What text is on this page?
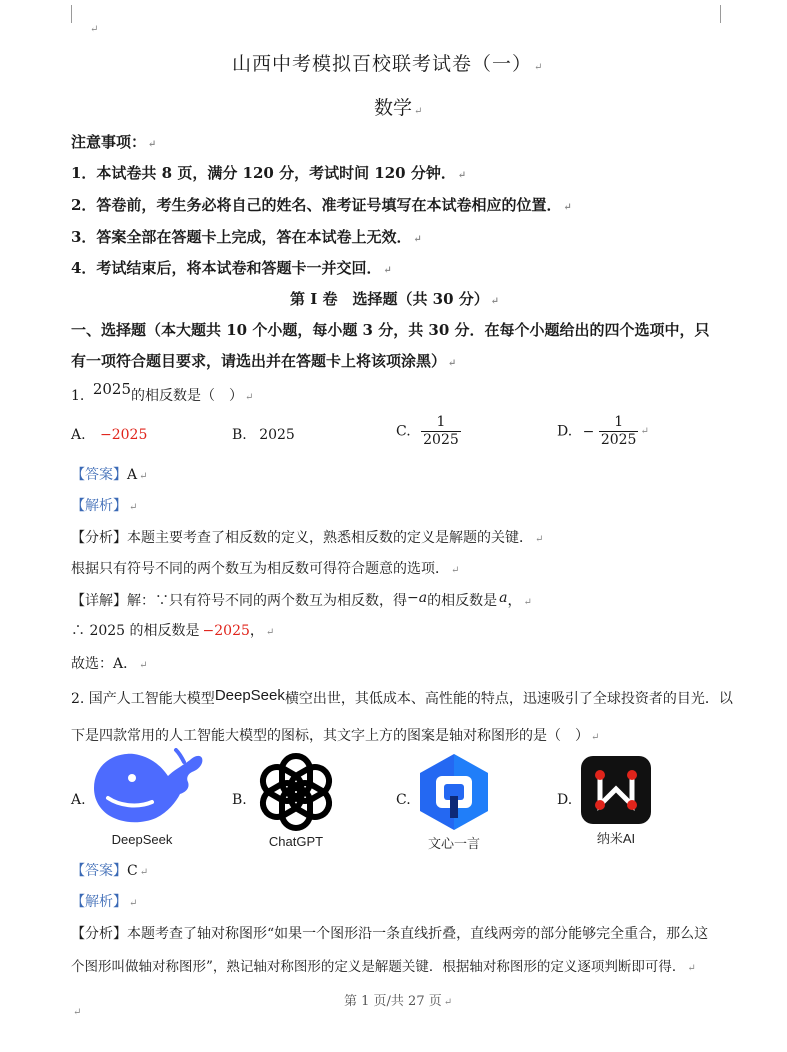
↵
山西中考模拟百校联考试卷（一） ↵
数学 ↵
注意事项： ↵
1．本试卷共 8 页，满分 120 分，考试时间 120 分钟． ↵
2．答卷前，考生务必将自己的姓名、准考证号填写在本试卷相应的位置． ↵
3．答案全部在答题卡上完成，答在本试卷上无效． ↵
4．考试结束后，将本试卷和答题卡一并交回． ↵
第 Ⅰ 卷　选择题（共 30 分） ↵
一、选择题（本大题共 10 个小题，每小题 3 分，共 30 分．在每个小题给出的四个选项中，只
有一项符合题目要求，请选出并在答题卡上将该项涂黑） ↵
1. 2025的相反数是（　） ↵
A. −2025	B. 2025	C. $\frac{1}{2025}$	D. − $\frac{1}{2025}$ ↵
【答案】A ↵
【解析】 ↵
【分析】本题主要考查了相反数的定义，熟悉相反数的定义是解题的关键． ↵
根据只有符号不同的两个数互为相反数可得符合题意的选项． ↵
【详解】解：∵只有符号不同的两个数互为相反数，得−a的相反数是 a， ↵
∴ 2025 的相反数是 −2025， ↵
故选：A． ↵
2. 国产人工智能大模型DeepSeek横空出世，其低成本、高性能的特点，迅速吸引了全球投资者的目光．以
下是四款常用的人工智能大模型的图标，其文字上方的图案是轴对称图形的是（　） ↵
A.
DeepSeek
B.
ChatGPT
C.
文心一言
D.
纳米AI
【答案】C ↵
【解析】 ↵
【分析】本题考查了轴对称图形“如果一个图形沿一条直线折叠，直线两旁的部分能够完全重合，那么这
个图形叫做轴对称图形”，熟记轴对称图形的定义是解题关键．根据轴对称图形的定义逐项判断即可得． ↵
第 1 页/共 27 页 ↵
↵
